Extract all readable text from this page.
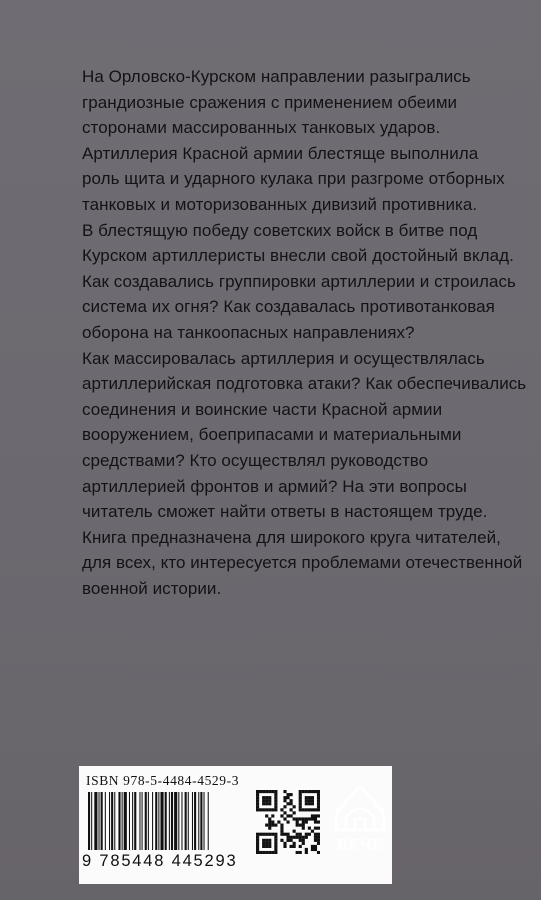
На Орловско-Курском направлении разыгрались
грандиозные сражения с применением обеими
сторонами массированных танковых ударов.
Артиллерия Красной армии блестяще выполнила
роль щита и ударного кулака при разгроме отборных
танковых и моторизованных дивизий противника.
В блестящую победу советских войск в битве под
Курском артиллеристы внесли свой достойный вклад.
Как создавались группировки артиллерии и строилась
система их огня? Как создавалась противотанковая
оборона на танкоопасных направлениях?
Как массировалась артиллерия и осуществлялась
артиллерийская подготовка атаки? Как обеспечивались
соединения и воинские части Красной армии
вооружением, боеприпасами и материальными
средствами? Кто осуществлял руководство
артиллерией фронтов и армий? На эти вопросы
читатель сможет найти ответы в настоящем труде.
Книга предназначена для широкого круга читателей,
для всех, кто интересуется проблемами отечественной
военной истории.
ISBN 978-5-4484-4529-3
9 785448 445293
ВЕЧЕ
